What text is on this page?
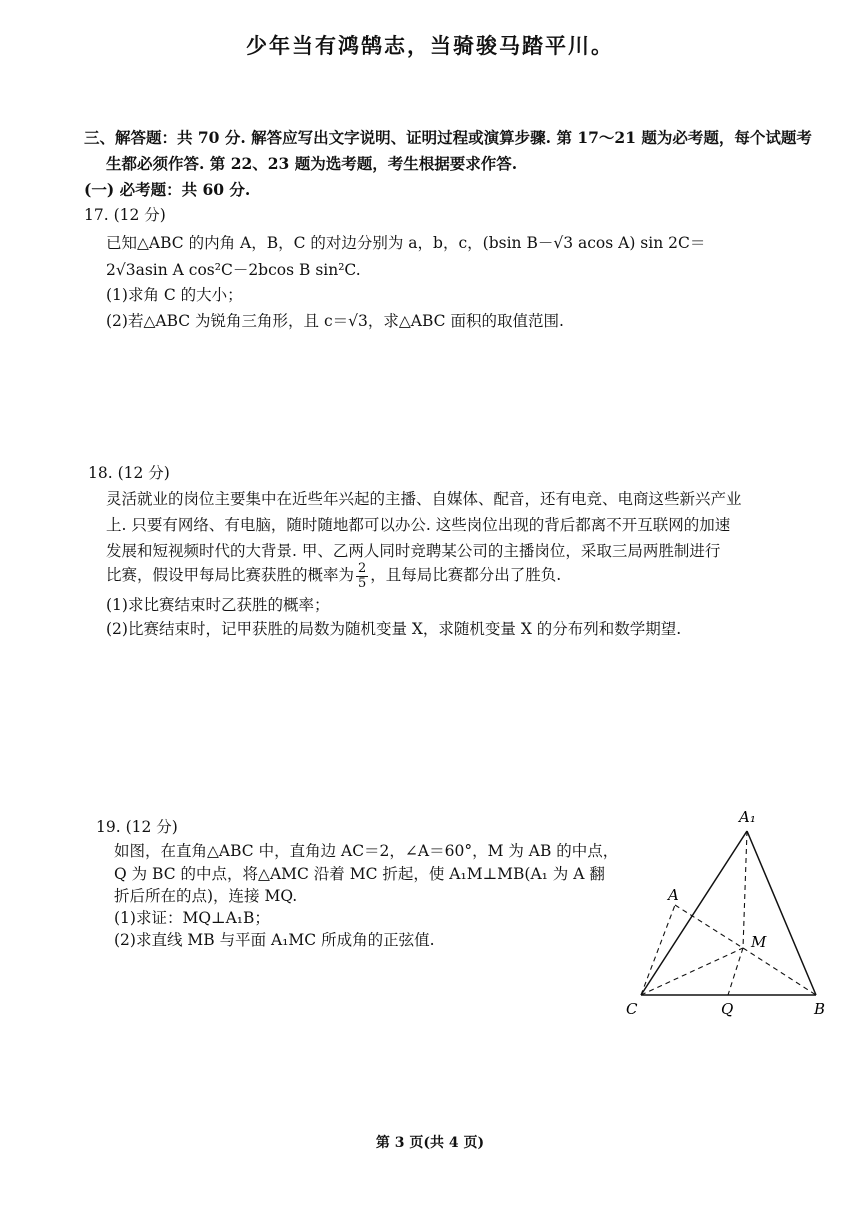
少年当有鸿鹄志，当骑骏马踏平川。
三、解答题：共 70 分. 解答应写出文字说明、证明过程或演算步骤. 第 17～21 题为必考题，每个试题考
生都必须作答. 第 22、23 题为选考题，考生根据要求作答.
(一) 必考题：共 60 分.
17. (12 分)
已知△ABC 的内角 A，B，C 的对边分别为 a，b，c，(bsin B－√3 acos A) sin 2C＝
2√3asin A cos²C－2bcos B sin²C.
(1)求角 C 的大小；
(2)若△ABC 为锐角三角形，且 c＝√3，求△ABC 面积的取值范围.
18. (12 分)
灵活就业的岗位主要集中在近些年兴起的主播、自媒体、配音，还有电竞、电商这些新兴产业
上. 只要有网络、有电脑，随时随地都可以办公. 这些岗位出现的背后都离不开互联网的加速
发展和短视频时代的大背景. 甲、乙两人同时竞聘某公司的主播岗位，采取三局两胜制进行
比赛，假设甲每局比赛获胜的概率为 $\frac{2}{5}$ ，且每局比赛都分出了胜负.
(1)求比赛结束时乙获胜的概率；
(2)比赛结束时，记甲获胜的局数为随机变量 X，求随机变量 X 的分布列和数学期望.
19. (12 分)
如图，在直角△ABC 中，直角边 AC＝2，∠A＝60°，M 为 AB 的中点，
Q 为 BC 的中点，将△AMC 沿着 MC 折起，使 A₁M⊥MB(A₁ 为 A 翻
折后所在的点)，连接 MQ.
(1)求证：MQ⊥A₁B；
(2)求直线 MB 与平面 A₁MC 所成角的正弦值.
A₁
A
M
C	Q	B
第 3 页(共 4 页)
